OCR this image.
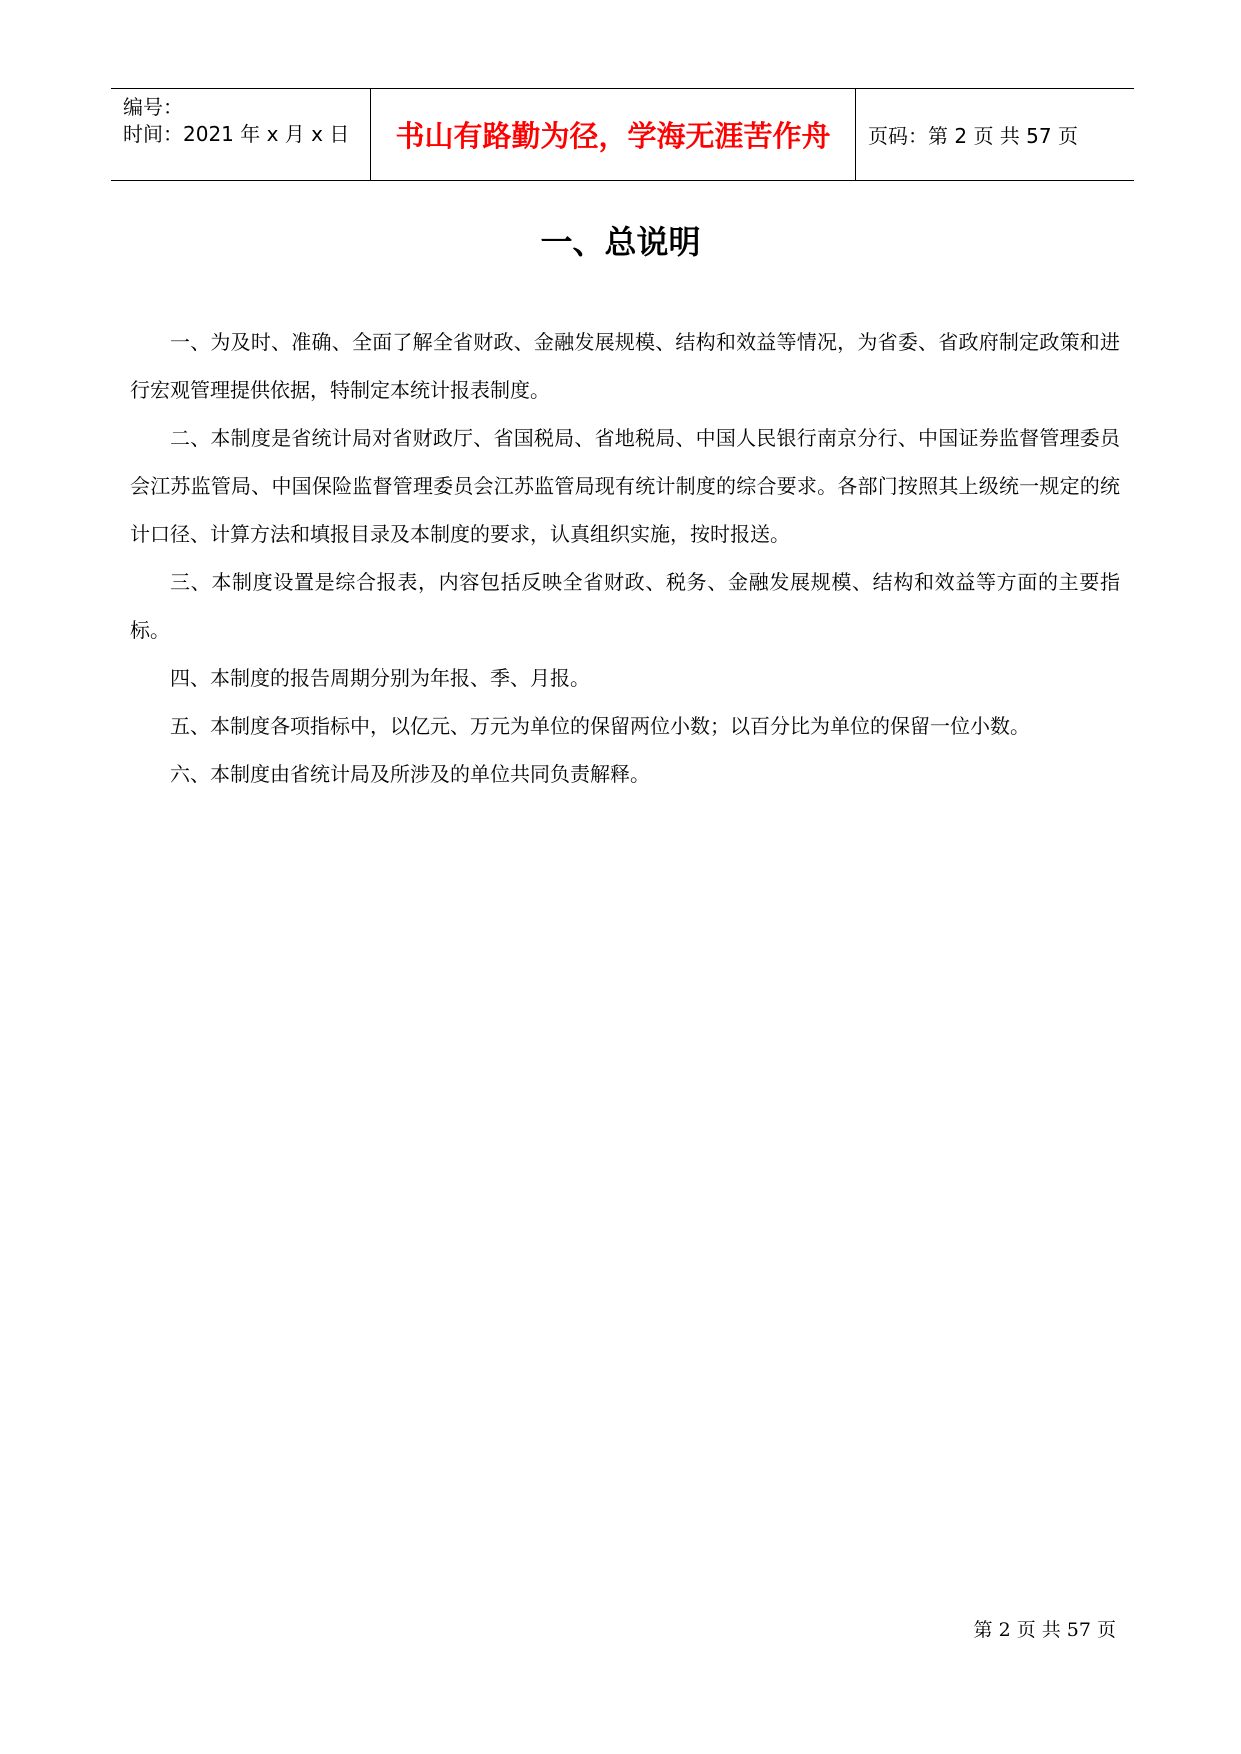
编号：
时间：2021 年 x 月 x 日	书山有路勤为径，学海无涯苦作舟	页码：第 2 页 共 57 页
一、总说明

一、为及时、准确、全面了解全省财政、金融发展规模、结构和效益等情况，为省委、省政府制定政策和进行宏观管理提供依据，特制定本统计报表制度。

二、本制度是省统计局对省财政厅、省国税局、省地税局、中国人民银行南京分行、中国证券监督管理委员会江苏监管局、中国保险监督管理委员会江苏监管局现有统计制度的综合要求。各部门按照其上级统一规定的统计口径、计算方法和填报目录及本制度的要求，认真组织实施，按时报送。

三、本制度设置是综合报表，内容包括反映全省财政、税务、金融发展规模、结构和效益等方面的主要指标。

四、本制度的报告周期分别为年报、季、月报。

五、本制度各项指标中，以亿元、万元为单位的保留两位小数；以百分比为单位的保留一位小数。

六、本制度由省统计局及所涉及的单位共同负责解释。

第 2 页 共 57 页
